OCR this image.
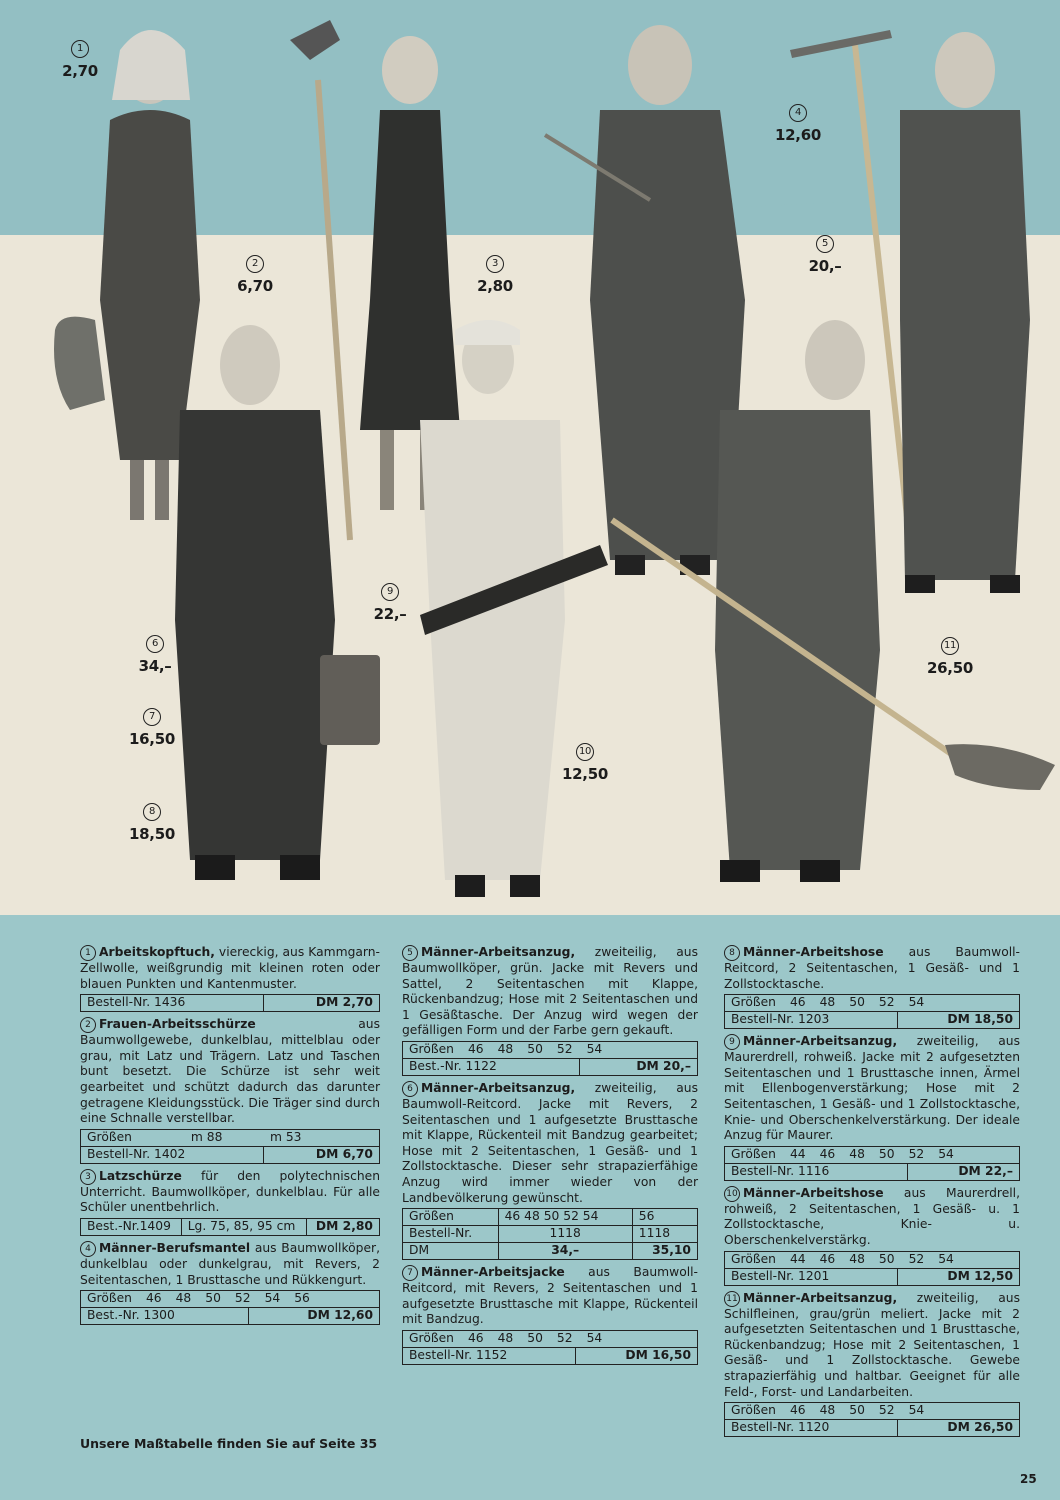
1
2,70
2
6,70
3
2,80
4
12,60
5
20,–
6
34,–
7
16,50
8
18,50
9
22,–
10
12,50
11
26,50

1 Arbeitskopftuch, viereckig, aus Kammgarn-Zellwolle, weißgrundig mit kleinen roten oder blauen Punkten und Kantenmuster.

Bestell-Nr. 1436	DM 2,70

2 Frauen-Arbeitsschürze	aus Baumwollgewebe, dunkelblau, mittelblau oder grau, mit Latz und Trägern. Latz und Taschen bunt besetzt. Die Schürze ist sehr weit gearbeitet und schützt dadurch das darunter getragene Kleidungsstück. Die Träger sind durch eine Schnalle verstellbar.

Größen	m 88	m 53
Bestell-Nr. 1402		DM 6,70

3 Latzschürze für den polytechnischen Unterricht. Baumwollköper, dunkelblau. Für alle Schüler unentbehrlich.

Best.-Nr.1409	Lg. 75, 85, 95 cm	DM 2,80

4 Männer-Berufsmantel aus Baumwollköper, dunkelblau oder dunkelgrau, mit Revers, 2 Seitentaschen, 1 Brusttasche und Rükkengurt.

Größen 46 48 50 52 54 56
Best.-Nr. 1300	DM 12,60
Unsere Maßtabelle finden Sie auf Seite 35

5 Männer-Arbeitsanzug, zweiteilig, aus Baumwollköper, grün. Jacke mit Revers und Sattel, 2 Seitentaschen mit Klappe, Rückenbandzug; Hose mit 2 Seitentaschen und 1 Gesäßtasche. Der Anzug wird wegen der gefälligen Form und der Farbe gern gekauft.

Größen 46 48 50 52 54
Best.-Nr. 1122	DM 20,–

6 Männer-Arbeitsanzug, zweiteilig, aus Baumwoll-Reitcord. Jacke mit Revers, 2 Seitentaschen und 1 aufgesetzte Brusttasche mit Klappe, Rückenteil mit Bandzug gearbeitet; Hose mit 2 Seitentaschen, 1 Gesäß- und 1 Zollstocktasche. Dieser sehr strapazierfähige Anzug wird immer wieder von der Landbevölkerung gewünscht.

Größen	46 48 50 52 54	56
Bestell-Nr.	1118	1118
DM	34,–	35,10

7 Männer-Arbeitsjacke aus Baumwoll-Reitcord, mit Revers, 2 Seitentaschen und 1 aufgesetzte Brusttasche mit Klappe, Rückenteil mit Bandzug.

Größen 46 48 50 52 54
Bestell-Nr. 1152	DM 16,50

8 Männer-Arbeitshose aus Baumwoll-Reitcord, 2 Seitentaschen, 1 Gesäß- und 1 Zollstocktasche.

Größen 46 48 50 52 54
Bestell-Nr. 1203	DM 18,50

9 Männer-Arbeitsanzug, zweiteilig, aus Maurerdrell, rohweiß. Jacke mit 2 aufgesetzten Seitentaschen und 1 Brusttasche innen, Ärmel mit Ellenbogenverstärkung; Hose mit 2 Seitentaschen, 1 Gesäß- und 1 Zollstocktasche, Knie- und Oberschenkelverstärkung. Der ideale Anzug für Maurer.

Größen 44 46 48 50 52 54
Bestell-Nr. 1116	DM 22,–

10 Männer-Arbeitshose aus Maurerdrell, rohweiß, 2 Seitentaschen, 1 Gesäß- u. 1 Zollstocktasche, Knie- u. Oberschenkelverstärkg.

Größen 44 46 48 50 52 54
Bestell-Nr. 1201	DM 12,50

11 Männer-Arbeitsanzug, zweiteilig, aus Schilfleinen, grau/grün meliert. Jacke mit 2 aufgesetzten Seitentaschen und 1 Brusttasche, Rückenbandzug; Hose mit 2 Seitentaschen, 1 Gesäß- und 1 Zollstocktasche. Gewebe strapazierfähig und haltbar. Geeignet für alle Feld-, Forst- und Landarbeiten.

Größen 46 48 50 52 54
Bestell-Nr. 1120	DM 26,50
25
